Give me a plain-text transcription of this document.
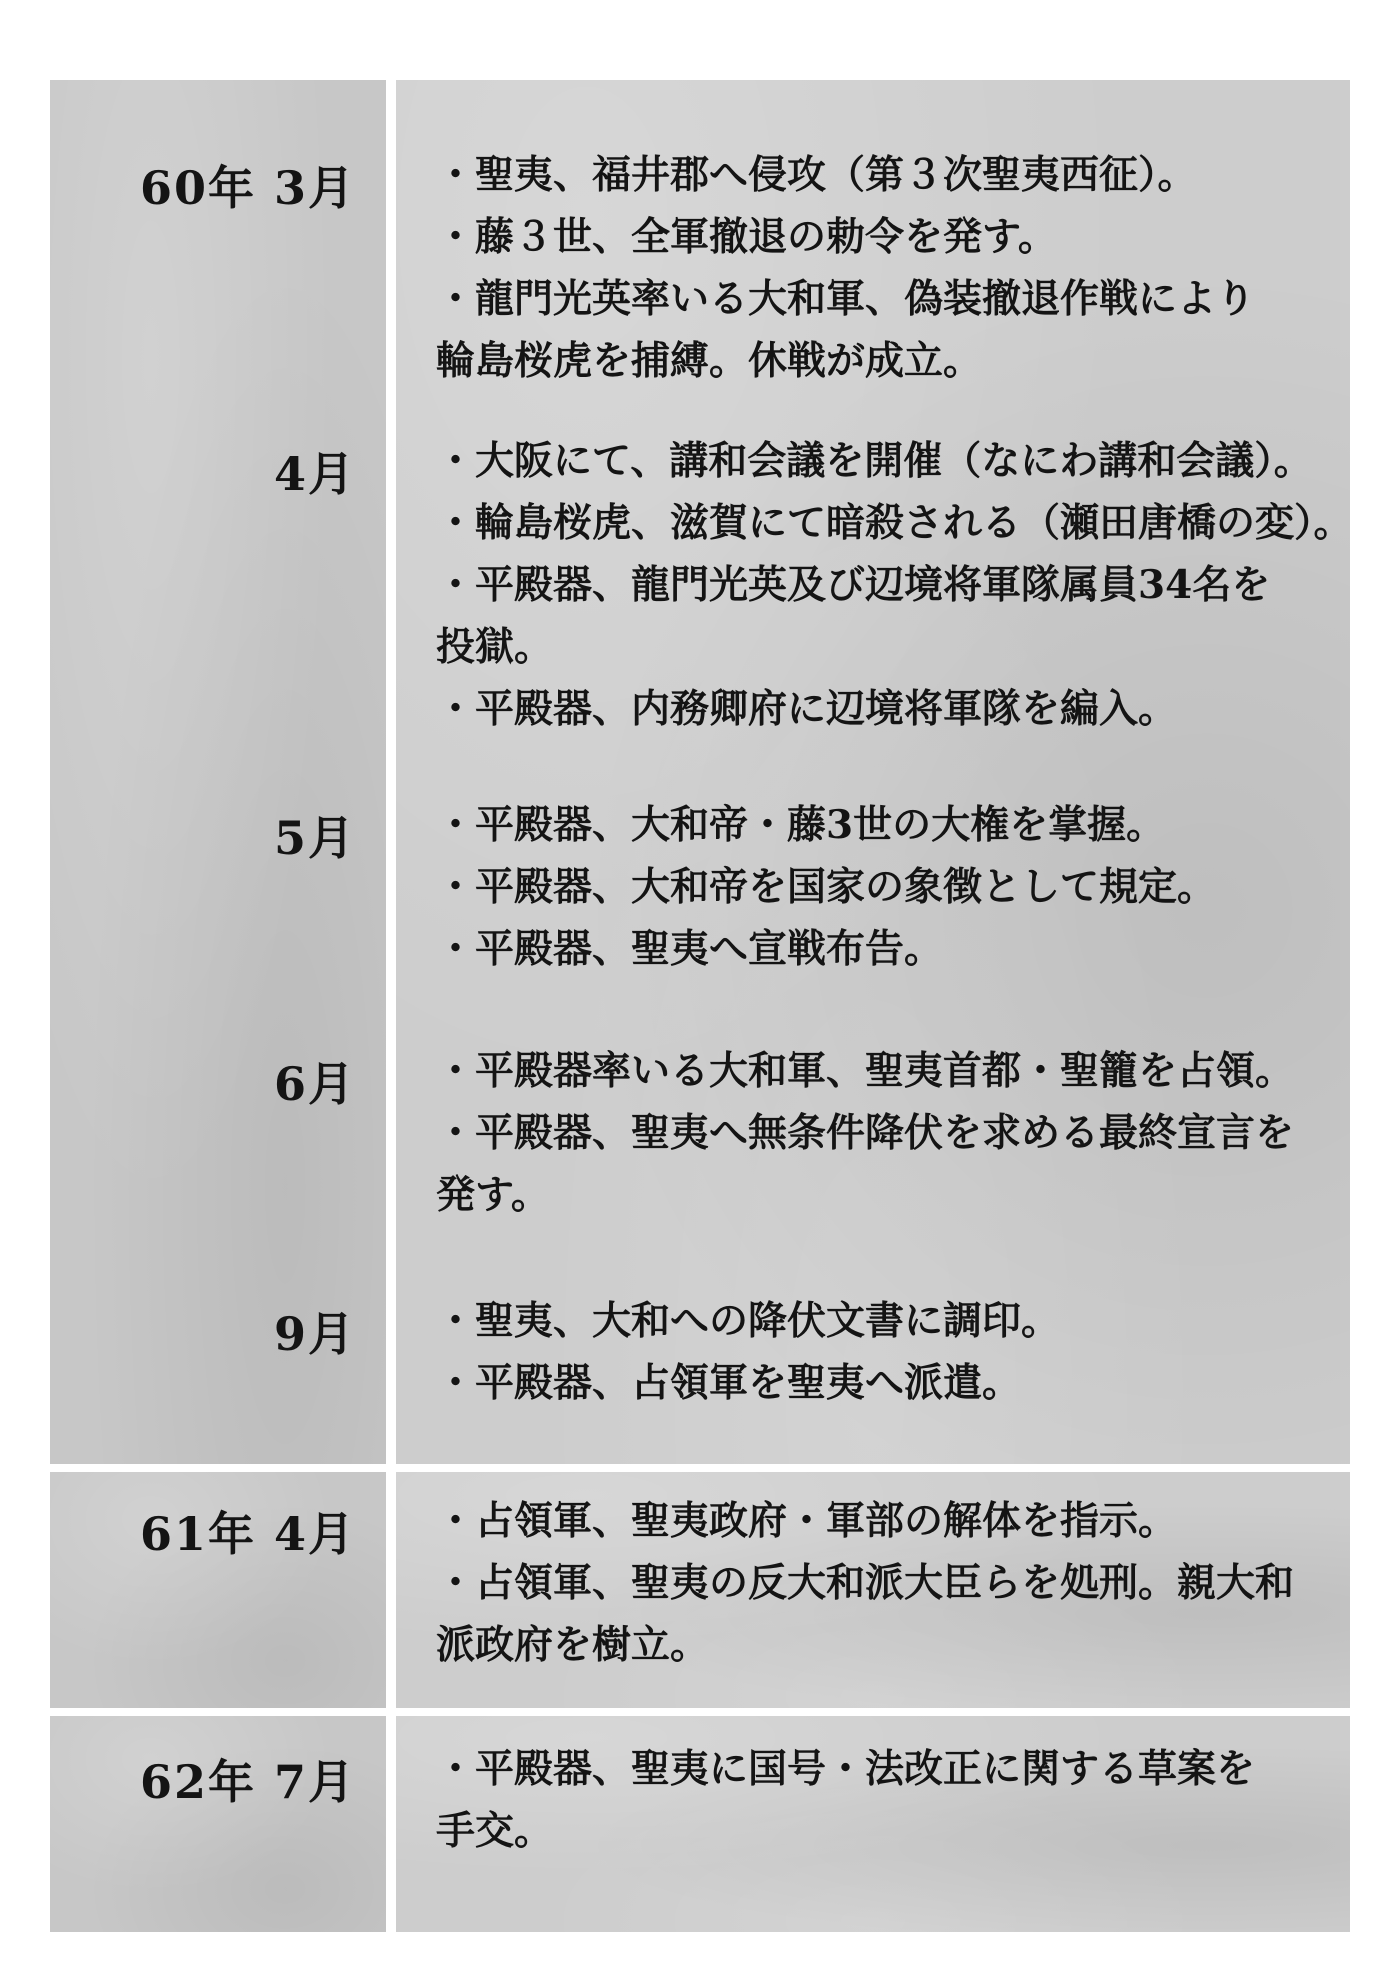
60年 3月
4月
5月
6月
9月
・聖夷、福井郡へ侵攻（第３次聖夷西征）。
・藤３世、全軍撤退の勅令を発す。
・龍門光英率いる大和軍、偽装撤退作戦により
輪島桜虎を捕縛。休戦が成立。
・大阪にて、講和会議を開催（なにわ講和会議）。
・輪島桜虎、滋賀にて暗殺される（瀬田唐橋の変）。
・平殿器、龍門光英及び辺境将軍隊属員34名を
投獄。
・平殿器、内務卿府に辺境将軍隊を編入。
・平殿器、大和帝・藤3世の大権を掌握。
・平殿器、大和帝を国家の象徴として規定。
・平殿器、聖夷へ宣戦布告。
・平殿器率いる大和軍、聖夷首都・聖籠を占領。
・平殿器、聖夷へ無条件降伏を求める最終宣言を
発す。
・聖夷、大和への降伏文書に調印。
・平殿器、占領軍を聖夷へ派遣。
61年 4月 ・占領軍、聖夷政府・軍部の解体を指示。
・占領軍、聖夷の反大和派大臣らを処刑。親大和
派政府を樹立。
62年 7月 ・平殿器、聖夷に国号・法改正に関する草案を
手交。
